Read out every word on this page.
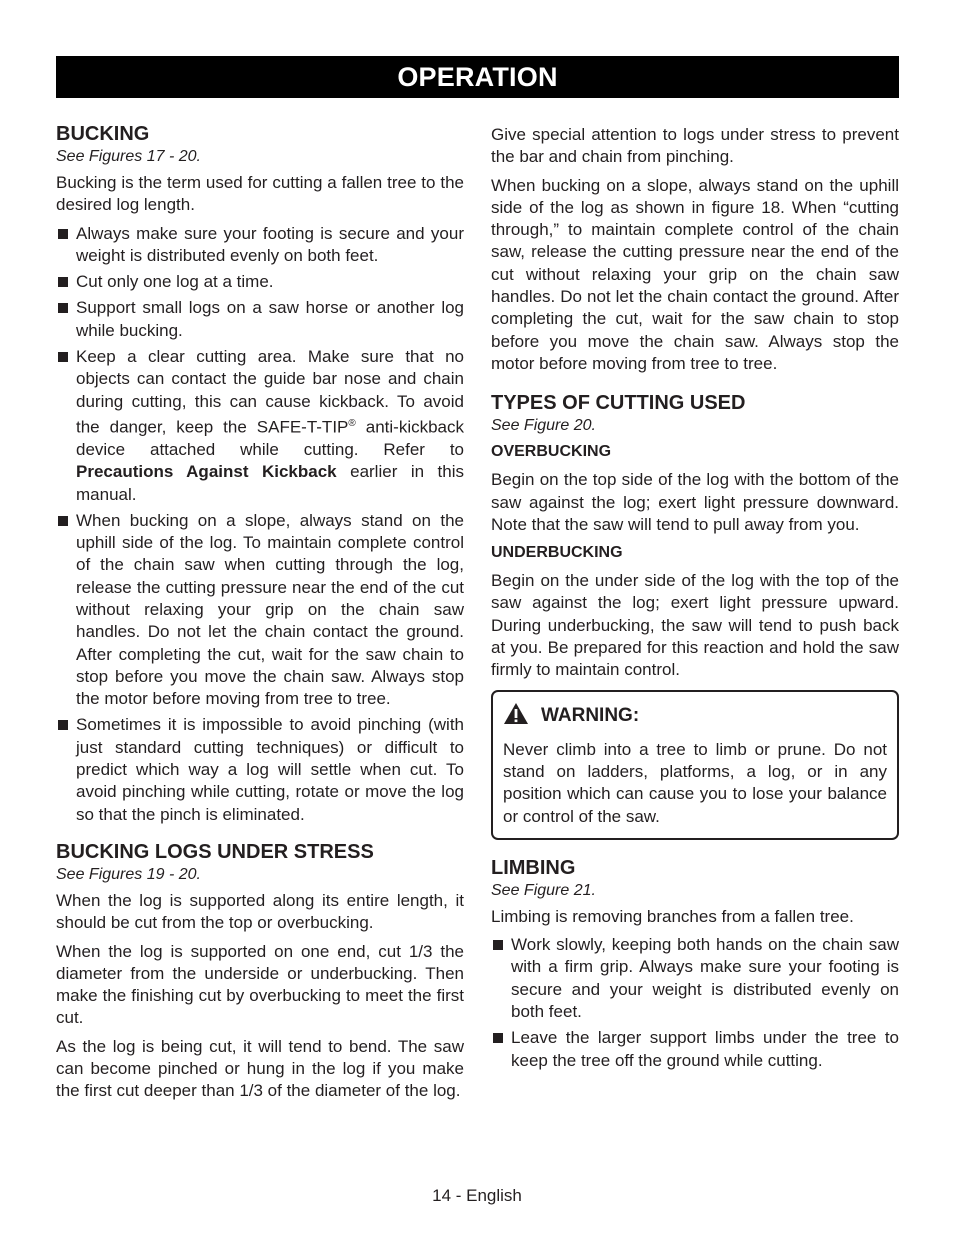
OPERATION
BUCKING
See Figures 17 - 20.

Bucking is the term used for cutting a fallen tree to the desired log length.

Always make sure your footing is secure and your weight is distributed evenly on both feet.
Cut only one log at a time.
Support small logs on a saw horse or another log while bucking.
Keep a clear cutting area. Make sure that no objects can contact the guide bar nose and chain during cutting, this can cause kickback. To avoid the danger, keep the SAFE-T-TIP® anti-kickback device attached while cutting. Refer to Precautions Against Kickback earlier in this manual.
When bucking on a slope, always stand on the uphill side of the log. To maintain complete control of the chain saw when cutting through the log, release the cutting pressure near the end of the cut without relaxing your grip on the chain saw handles. Do not let the chain contact the ground. After completing the cut, wait for the saw chain to stop before you move the chain saw. Always stop the motor before moving from tree to tree.
Sometimes it is impossible to avoid pinching (with just standard cutting techniques) or difficult to predict which way a log will settle when cut. To avoid pinching while cutting, rotate or move the log so that the pinch is eliminated.
BUCKING LOGS UNDER STRESS
See Figures 19 - 20.

When the log is supported along its entire length, it should be cut from the top or overbucking.

When the log is supported on one end, cut 1/3 the diameter from the underside or underbucking. Then make the finishing cut by overbucking to meet the first cut.

As the log is being cut, it will tend to bend. The saw can become pinched or hung in the log if you make the first cut deeper than 1/3 of the diameter of the log.

Give special attention to logs under stress to prevent the bar and chain from pinching.

When bucking on a slope, always stand on the uphill side of the log as shown in figure 18. When “cutting through,” to maintain complete control of the chain saw, release the cutting pressure near the end of the cut without relaxing your grip on the chain saw handles. Do not let the chain contact the ground. After completing the cut, wait for the saw chain to stop before you move the chain saw. Always stop the motor before moving from tree to tree.

TYPES OF CUTTING USED
See Figure 20.
OVERBUCKING

Begin on the top side of the log with the bottom of the saw against the log; exert light pressure downward. Note that the saw will tend to pull away from you.

UNDERBUCKING

Begin on the under side of the log with the top of the saw against the log; exert light pressure upward. During underbucking, the saw will tend to push back at you. Be prepared for this reaction and hold the saw firmly to maintain control.

WARNING:

Never climb into a tree to limb or prune. Do not stand on ladders, platforms, a log, or in any position which can cause you to lose your balance or control of the saw.

LIMBING
See Figure 21.

Limbing is removing branches from a fallen tree.

Work slowly, keeping both hands on the chain saw with a firm grip. Always make sure your footing is secure and your weight is distributed evenly on both feet.
Leave the larger support limbs under the tree to keep the tree off the ground while cutting.
14 - English
